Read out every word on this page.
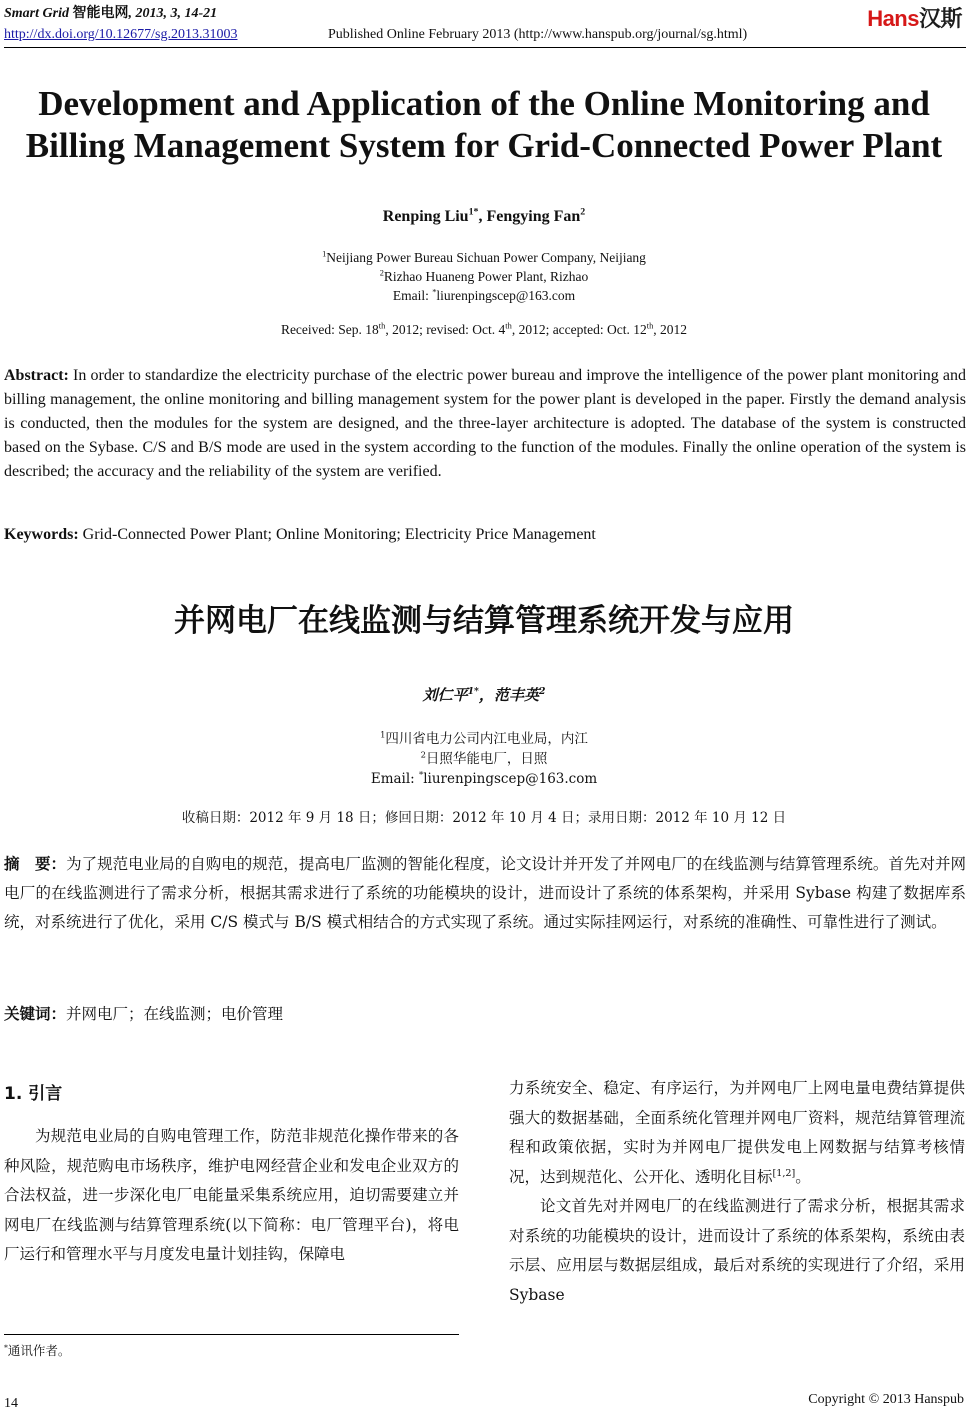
Smart Grid 智能电网, 2013, 3, 14-21
http://dx.doi.org/10.12677/sg.2013.31003	Published Online February 2013 (http://www.hanspub.org/journal/sg.html)
Hans汉斯
Development and Application of the Online Monitoring and
Billing Management System for Grid-Connected Power Plant
Renping Liu$^{1*}$, Fengying Fan$^2$
$^1$Neijiang Power Bureau Sichuan Power Company, Neijiang
$^2$Rizhao Huaneng Power Plant, Rizhao
Email: *liurenpingscep@163.com
Received: Sep. 18th, 2012; revised: Oct. 4th, 2012; accepted: Oct. 12th, 2012
Abstract: In order to standardize the electricity purchase of the electric power bureau and improve the intelligence of the power plant monitoring and billing management, the online monitoring and billing management system for the power plant is developed in the paper. Firstly the demand analysis is conducted, then the modules for the system are designed, and the three-layer architecture is adopted. The database of the system is constructed based on the Sybase. C/S and B/S mode are used in the system according to the function of the modules. Finally the online operation of the system is described; the accuracy and the reliability of the system are verified.
Keywords: Grid-Connected Power Plant; Online Monitoring; Electricity Price Management
并网电厂在线监测与结算管理系统开发与应用
刘仁平$^{1*}$，范丰英$^2$
$^1$四川省电力公司内江电业局，内江
$^2$日照华能电厂，日照
Email: *liurenpingscep@163.com
收稿日期：2012 年 9 月 18 日；修回日期：2012 年 10 月 4 日；录用日期：2012 年 10 月 12 日
摘　要：为了规范电业局的自购电的规范，提高电厂监测的智能化程度，论文设计并开发了并网电厂的在线监测与结算管理系统。首先对并网电厂的在线监测进行了需求分析，根据其需求进行了系统的功能模块的设计，进而设计了系统的体系架构，并采用 Sybase 构建了数据库系统，对系统进行了优化，采用 C/S 模式与 B/S 模式相结合的方式实现了系统。通过实际挂网运行，对系统的准确性、可靠性进行了测试。
关键词：并网电厂；在线监测；电价管理
1. 引言

为规范电业局的自购电管理工作，防范非规范化操作带来的各种风险，规范购电市场秩序，维护电网经营企业和发电企业双方的合法权益，进一步深化电厂电能量采集系统应用，迫切需要建立并网电厂在线监测与结算管理系统(以下简称：电厂管理平台)，将电厂运行和管理水平与月度发电量计划挂钩，保障电

力系统安全、稳定、有序运行，为并网电厂上网电量电费结算提供强大的数据基础，全面系统化管理并网电厂资料，规范结算管理流程和政策依据，实时为并网电厂提供发电上网数据与结算考核情况，达到规范化、公开化、透明化目标[1,2]。

论文首先对并网电厂的在线监测进行了需求分析，根据其需求对系统的功能模块的设计，进而设计了系统的体系架构，系统由表示层、应用层与数据层组成，最后对系统的实现进行了介绍，采用 Sybase

*通讯作者。
14	Copyright © 2013 Hanspub
